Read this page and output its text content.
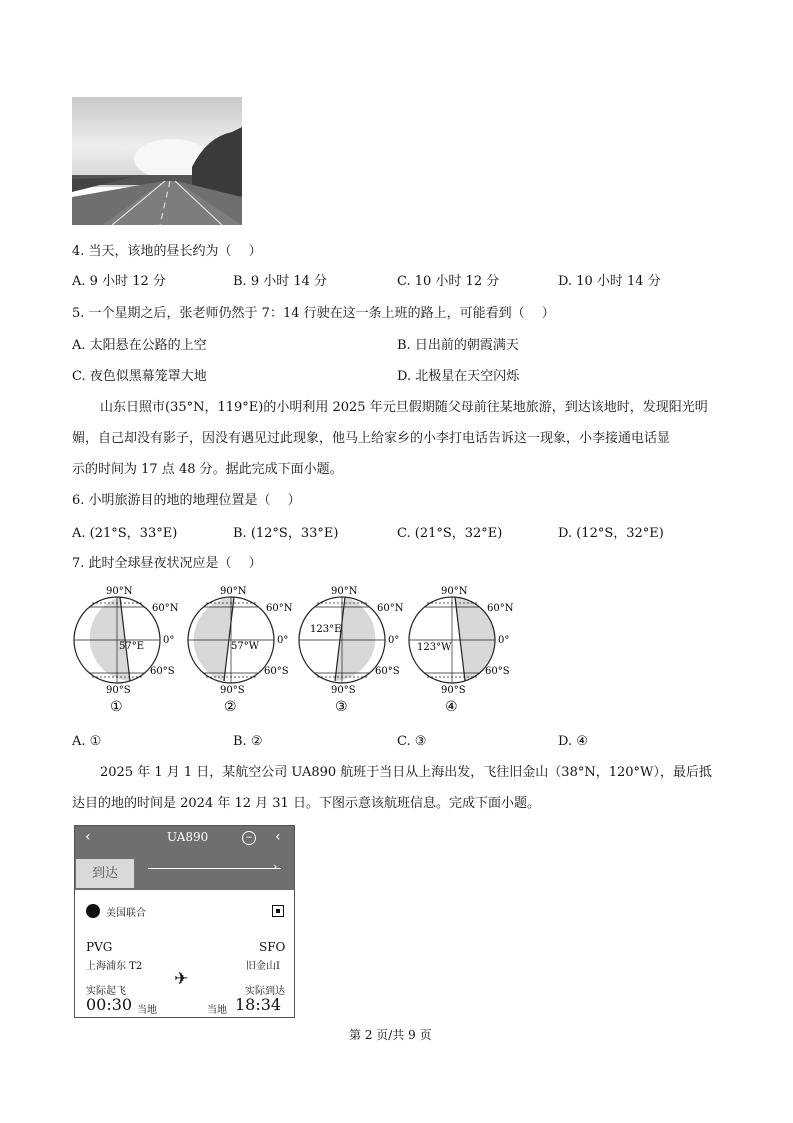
4. 当天，该地的昼长约为（　 ）
A. 9 小时 12 分	B. 9 小时 14 分	C. 10 小时 12 分	D. 10 小时 14 分
5. 一个星期之后，张老师仍然于 7：14 行驶在这一条上班的路上，可能看到（　 ）
A. 太阳悬在公路的上空	B. 日出前的朝霞满天
C. 夜色似黑幕笼罩大地	D. 北极星在天空闪烁
山东日照市(35°N，119°E)的小明利用 2025 年元旦假期随父母前往某地旅游，到达该地时，发现阳光明
媚，自己却没有影子，因没有遇见过此现象，他马上给家乡的小李打电话告诉这一现象，小李接通电话显
示的时间为 17 点 48 分。据此完成下面小题。
6. 小明旅游目的地的地理位置是（　 ）
A. (21°S，33°E)	B. (12°S，33°E)	C. (21°S，32°E)	D. (12°S，32°E)
7. 此时全球昼夜状况应是（　 ）
90°N
60°N
0°
60°S
90°S
57°E
①
90°N
60°N
0°
60°S
90°S
57°W
②
90°N
60°N
0°
60°S
90°S
123°E
③
90°N
60°N
0°
60°S
90°S
123°W
④
A. ①	B. ②	C. ③	D. ④
2025 年 1 月 1 日，某航空公司 UA890 航班于当日从上海出发，飞往旧金山（38°N，120°W），最后抵
达目的地的时间是 2024 年 12 月 31 日。下图示意该航班信息。完成下面小题。
‹	UA890	− ‹
到达	›
美国联合
PVG
上海浦东 T2
SFO
旧金山I
✈
实际起飞	实际到达
00:30 当地	当地 18:34
第 2 页/共 9 页
